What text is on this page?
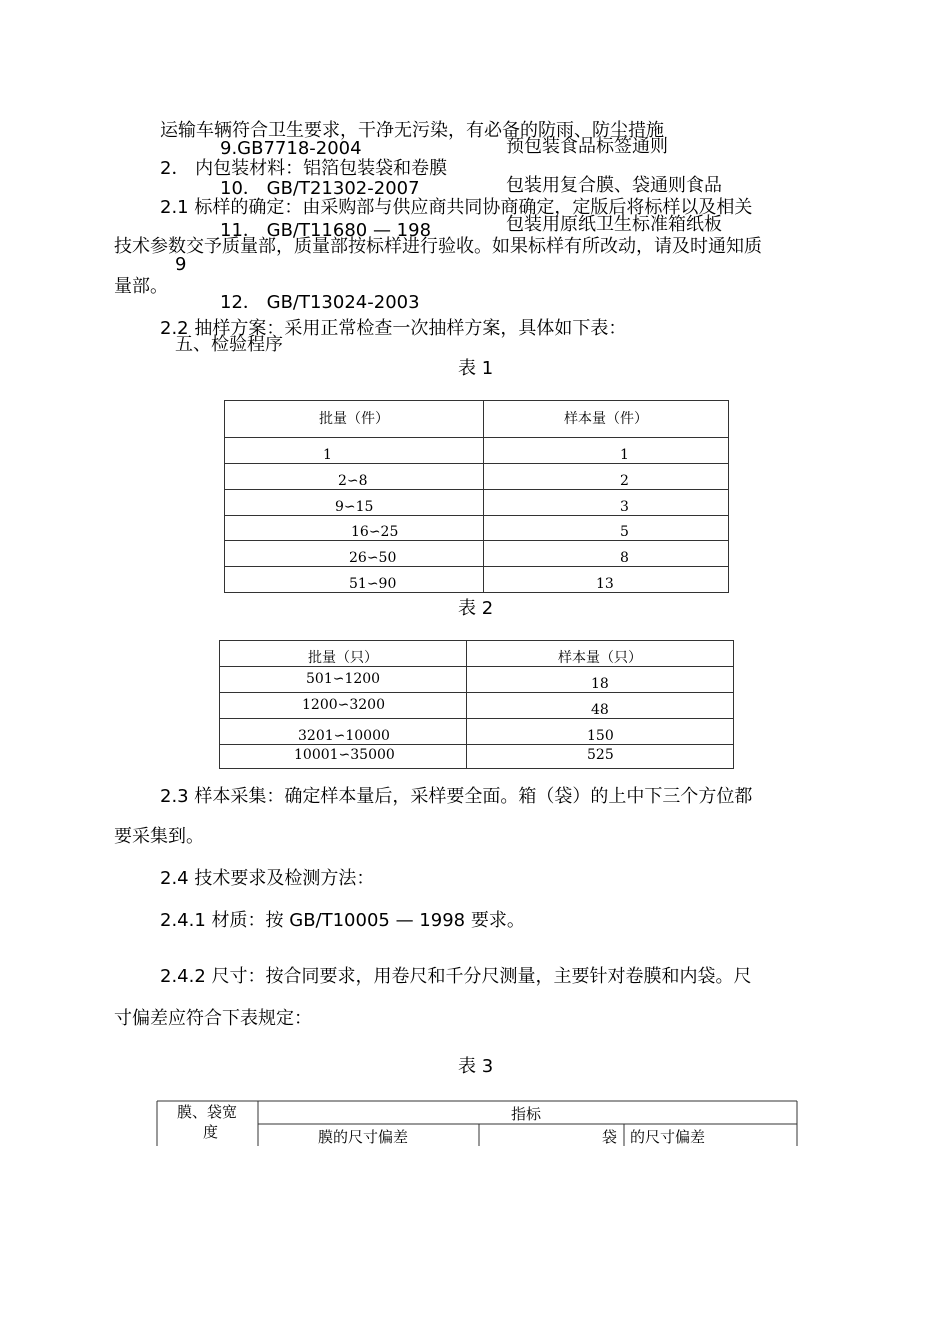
运输车辆符合卫生要求，干净无污染，有必备的防雨、防尘措施
9.GB7718-2004	预包装食品标签通则
2． 内包装材料：铝箔包装袋和卷膜
10． GB/T21302-2007	包装用复合膜、袋通则食品
2.1 标样的确定：由采购部与供应商共同协商确定，定版后将标样以及相关
11． GB/T11680 — 198	包装用原纸卫生标准箱纸板
技术参数交予质量部，质量部按标样进行验收。如果标样有所改动，请及时通知质
9
量部。
12． GB/T13024-2003
2.2 抽样方案：采用正常检查一次抽样方案，具体如下表：
五、检验程序
表 1
批量（件）	样本量（件）

1	1

2∽8	2

9∽15	3

16∽25	5

26∽50	8

51∽90	13
表 2
批量（只）	样本量（只）

501∽1200	18

1200∽3200	48

3201∽10000	150

10001∽35000	525
2.3 样本采集：确定样本量后，采样要全面。箱（袋）的上中下三个方位都
要采集到。
2.4 技术要求及检测方法：
2.4.1 材质：按 GB/T10005 — 1998 要求。
2.4.2 尺寸：按合同要求，用卷尺和千分尺测量，主要针对卷膜和内袋。尺
寸偏差应符合下表规定：
表 3
膜、袋宽
度
指标
膜的尺寸偏差	袋 的尺寸偏差
